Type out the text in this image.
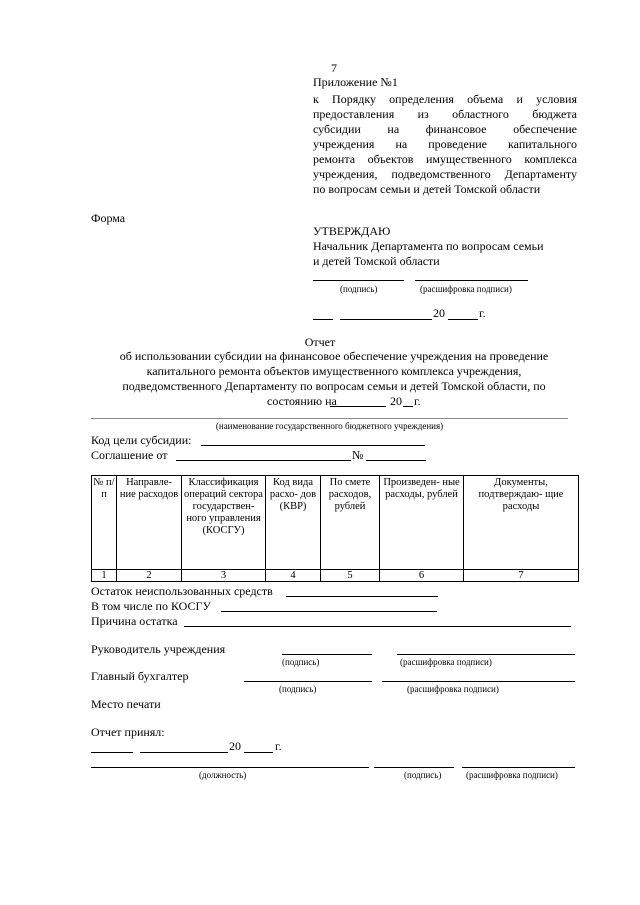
7
Приложение №1
к Порядку определения объема и условия
предоставления из областного бюджета
субсидии на финансовое обеспечение
учреждения на проведение капитального
ремонта объектов имущественного комплекса
учреждения, подведомственного Департаменту
по вопросам семьи и детей Томской области
Форма
УТВЕРЖДАЮ
Начальник Департамента по вопросам семьи
и детей Томской области
(подпись)	(расшифровка подписи)
20	г.
Отчет
об использовании субсидии на финансовое обеспечение учреждения на проведение
капитального ремонта объектов имущественного комплекса учреждения,
подведомственного Департаменту по вопросам семьи и детей Томской области, по
состоянию на	20 г.
(наименование государственного бюджетного учреждения)
Код цели субсидии:
Соглашение от	№
№ п/ п	Направле- ние расходов	Классификация операций сектора государствен- ного управления (КОСГУ)	Код вида расхо- дов (КВР)	По смете расходов, рублей	Произведен- ные расходы, рублей	Документы, подтверждаю- щие расходы
1	2	3	4	5	6	7
Остаток неиспользованных средств
В том числе по КОСГУ
Причина остатка
Руководитель учреждения
(подпись)	(расшифровка подписи)
Главный бухгалтер
(подпись)	(расшифровка подписи)
Место печати
Отчет принял:
20	г.
(должность)	(подпись)	(расшифровка подписи)
